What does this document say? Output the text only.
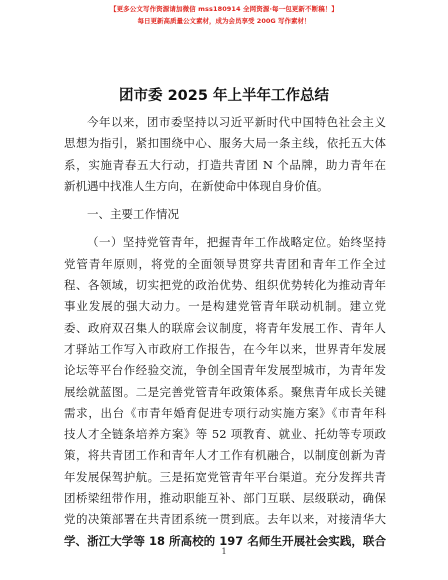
【更多公文写作资源请加微信 mss180914 全网资源·每一包更新不断稿！】
每日更新高质量公文素材，成为会员享受 200G 写作素材！
团市委 2025 年上半年工作总结
今年以来，团市委坚持以习近平新时代中国特色社会主义
思想为指引，紧扣围绕中心、服务大局一条主线，依托五大体
系，实施青春五大行动，打造共青团 N 个品牌，助力青年在
新机遇中找准人生方向，在新使命中体现自身价值。
一、主要工作情况
（一）坚持党管青年，把握青年工作战略定位。始终坚持
党管青年原则，将党的全面领导贯穿共青团和青年工作全过
程、各领域，切实把党的政治优势、组织优势转化为推动青年
事业发展的强大动力。一是构建党管青年联动机制。建立党
委、政府双召集人的联席会议制度，将青年发展工作、青年人
才驿站工作写入市政府工作报告，在今年以来，世界青年发展
论坛等平台作经验交流，争创全国青年发展型城市，为青年发
展绘就蓝图。二是完善党管青年政策体系。聚焦青年成长关键
需求，出台《市青年婚育促进专项行动实施方案》《市青年科
技人才全链条培养方案》等 52 项教育、就业、托幼等专项政
策，将共青团工作和青年人才工作有机融合，以制度创新为青
年发展保驾护航。三是拓宽党管青年平台渠道。充分发挥共青
团桥梁纽带作用，推动职能互补、部门互联、层级联动，确保
党的决策部署在共青团系统一贯到底。去年以来，对接清华大
学、浙江大学等 18 所高校的 197 名师生开展社会实践，联合
1
